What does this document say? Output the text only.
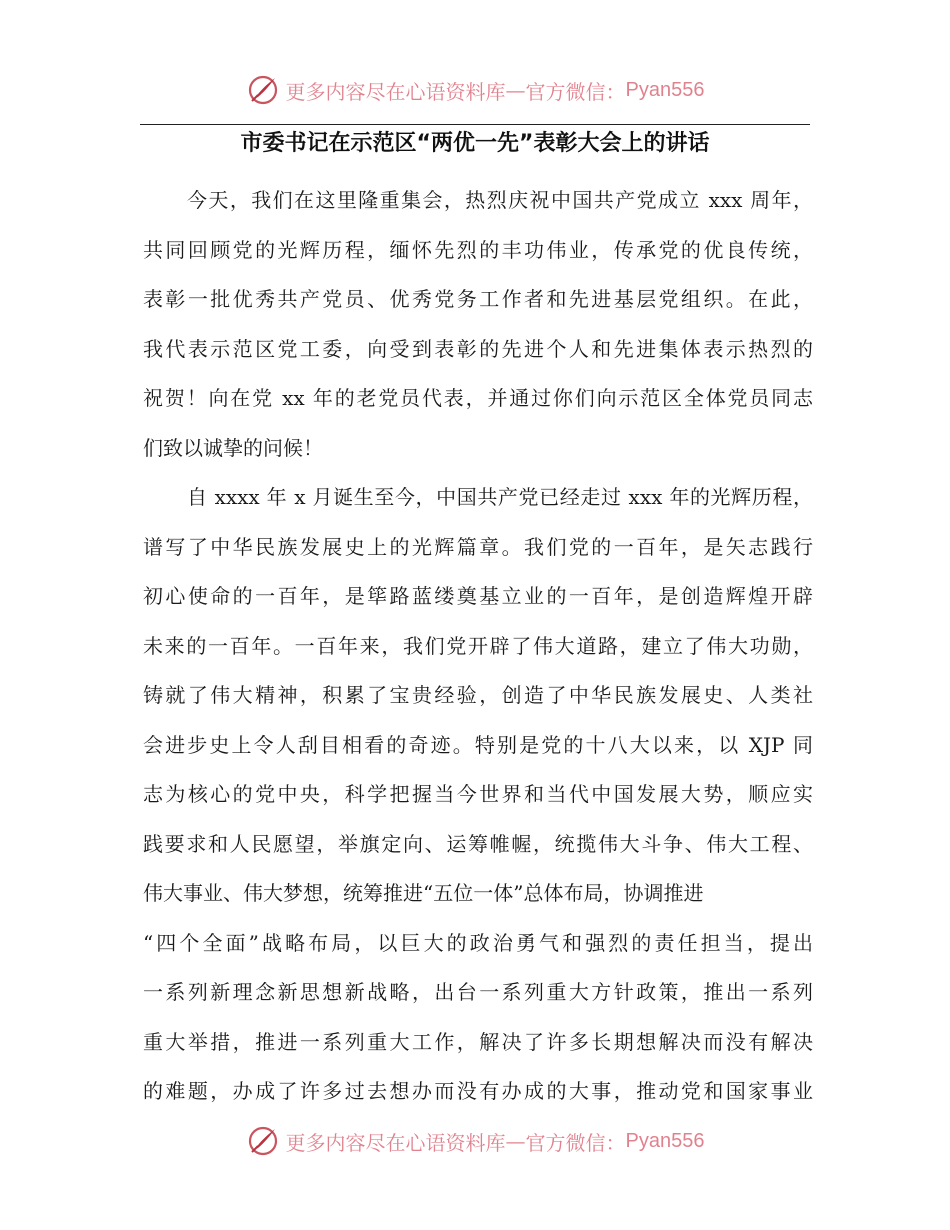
更多内容尽在心语资料库 — 官方微信： Pyan556
市委书记在示范区“两优一先”表彰大会上的讲话
今天，我们在这里隆重集会，热烈庆祝中国共产党成立 xxx 周年，
共同回顾党的光辉历程，缅怀先烈的丰功伟业，传承党的优良传统，
表彰一批优秀共产党员、优秀党务工作者和先进基层党组织。在此，
我代表示范区党工委，向受到表彰的先进个人和先进集体表示热烈的
祝贺！向在党 xx 年的老党员代表，并通过你们向示范区全体党员同志
们致以诚挚的问候！
自 xxxx 年 x 月诞生至今，中国共产党已经走过 xxx 年的光辉历程，
谱写了中华民族发展史上的光辉篇章。我们党的一百年，是矢志践行
初心使命的一百年，是筚路蓝缕奠基立业的一百年，是创造辉煌开辟
未来的一百年。一百年来，我们党开辟了伟大道路，建立了伟大功勋，
铸就了伟大精神，积累了宝贵经验，创造了中华民族发展史、人类社
会进步史上令人刮目相看的奇迹。特别是党的十八大以来，以 XJP 同
志为核心的党中央，科学把握当今世界和当代中国发展大势，顺应实
践要求和人民愿望，举旗定向、运筹帷幄，统揽伟大斗争、伟大工程、
伟大事业、伟大梦想，统筹推进“五位一体”总体布局，协调推进
“四个全面”战略布局，以巨大的政治勇气和强烈的责任担当，提出
一系列新理念新思想新战略，出台一系列重大方针政策，推出一系列
重大举措，推进一系列重大工作，解决了许多长期想解决而没有解决
的难题，办成了许多过去想办而没有办成的大事，推动党和国家事业
更多内容尽在心语资料库 — 官方微信： Pyan556
